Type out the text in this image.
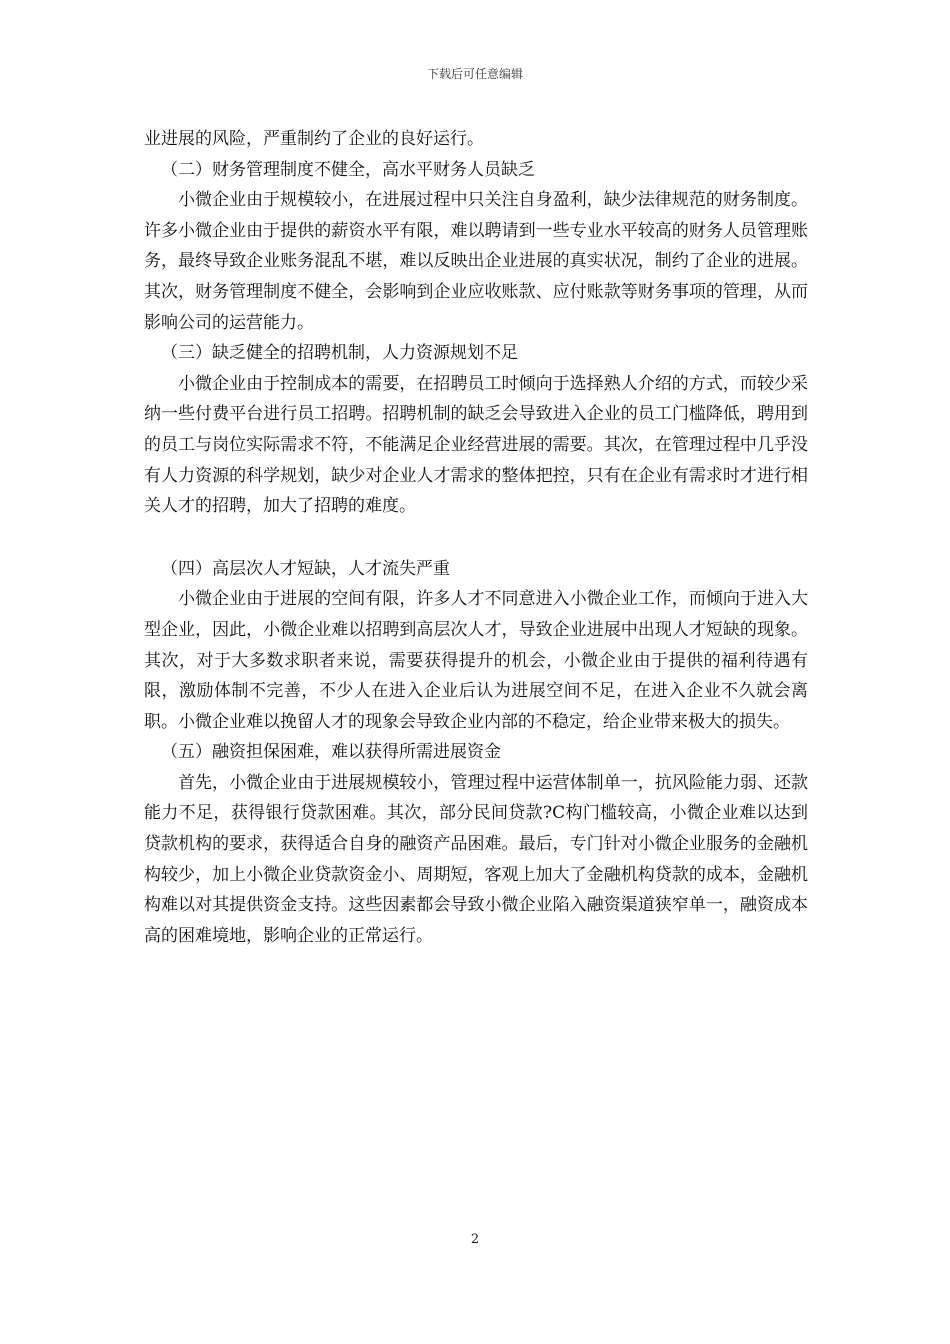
下载后可任意编辑

业进展的风险，严重制约了企业的良好运行。

（二）财务管理制度不健全，高水平财务人员缺乏

小微企业由于规模较小，在进展过程中只关注自身盈利，缺少法律规范的财务制度。许多小微企业由于提供的薪资水平有限，难以聘请到一些专业水平较高的财务人员管理账务，最终导致企业账务混乱不堪，难以反映出企业进展的真实状况，制约了企业的进展。其次，财务管理制度不健全，会影响到企业应收账款、应付账款等财务事项的管理，从而影响公司的运营能力。

（三）缺乏健全的招聘机制，人力资源规划不足

小微企业由于控制成本的需要，在招聘员工时倾向于选择熟人介绍的方式，而较少采纳一些付费平台进行员工招聘。招聘机制的缺乏会导致进入企业的员工门槛降低，聘用到的员工与岗位实际需求不符，不能满足企业经营进展的需要。其次，在管理过程中几乎没有人力资源的科学规划，缺少对企业人才需求的整体把控，只有在企业有需求时才进行相关人才的招聘，加大了招聘的难度。

（四）高层次人才短缺，人才流失严重

小微企业由于进展的空间有限，许多人才不同意进入小微企业工作，而倾向于进入大型企业，因此，小微企业难以招聘到高层次人才，导致企业进展中出现人才短缺的现象。其次，对于大多数求职者来说，需要获得提升的机会，小微企业由于提供的福利待遇有限，激励体制不完善，不少人在进入企业后认为进展空间不足，在进入企业不久就会离职。小微企业难以挽留人才的现象会导致企业内部的不稳定，给企业带来极大的损失。

（五）融资担保困难，难以获得所需进展资金

首先，小微企业由于进展规模较小，管理过程中运营体制单一，抗风险能力弱、还款能力不足，获得银行贷款困难。其次，部分民间贷款?C构门槛较高，小微企业难以达到贷款机构的要求，获得适合自身的融资产品困难。最后，专门针对小微企业服务的金融机构较少，加上小微企业贷款资金小、周期短，客观上加大了金融机构贷款的成本，金融机构难以对其提供资金支持。这些因素都会导致小微企业陷入融资渠道狭窄单一，融资成本高的困难境地，影响企业的正常运行。

2
